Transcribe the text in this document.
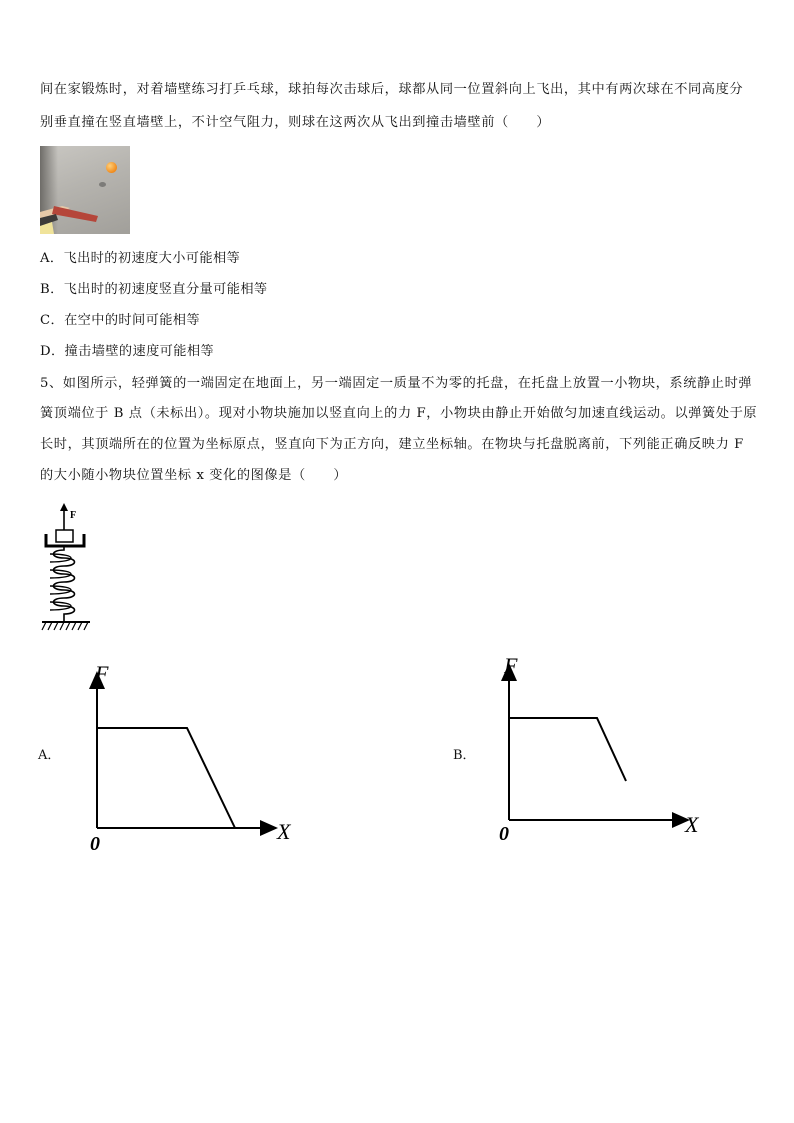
间在家锻炼时，对着墙壁练习打乒乓球，球拍每次击球后，球都从同一位置斜向上飞出，其中有两次球在不同高度分
别垂直撞在竖直墙壁上，不计空气阻力，则球在这两次从飞出到撞击墙壁前（　　）
A．飞出时的初速度大小可能相等
B．飞出时的初速度竖直分量可能相等
C．在空中的时间可能相等
D．撞击墙壁的速度可能相等
5、如图所示，轻弹簧的一端固定在地面上，另一端固定一质量不为零的托盘，在托盘上放置一小物块，系统静止时弹
簧顶端位于 B 点（未标出）。现对小物块施加以竖直向上的力 F，小物块由静止开始做匀加速直线运动。以弹簧处于原
长时，其顶端所在的位置为坐标原点，竖直向下为正方向，建立坐标轴。在物块与托盘脱离前，下列能正确反映力 F
的大小随小物块位置坐标 x 变化的图像是（　　）
F
A．
F
X
0
B．
F
X
0
